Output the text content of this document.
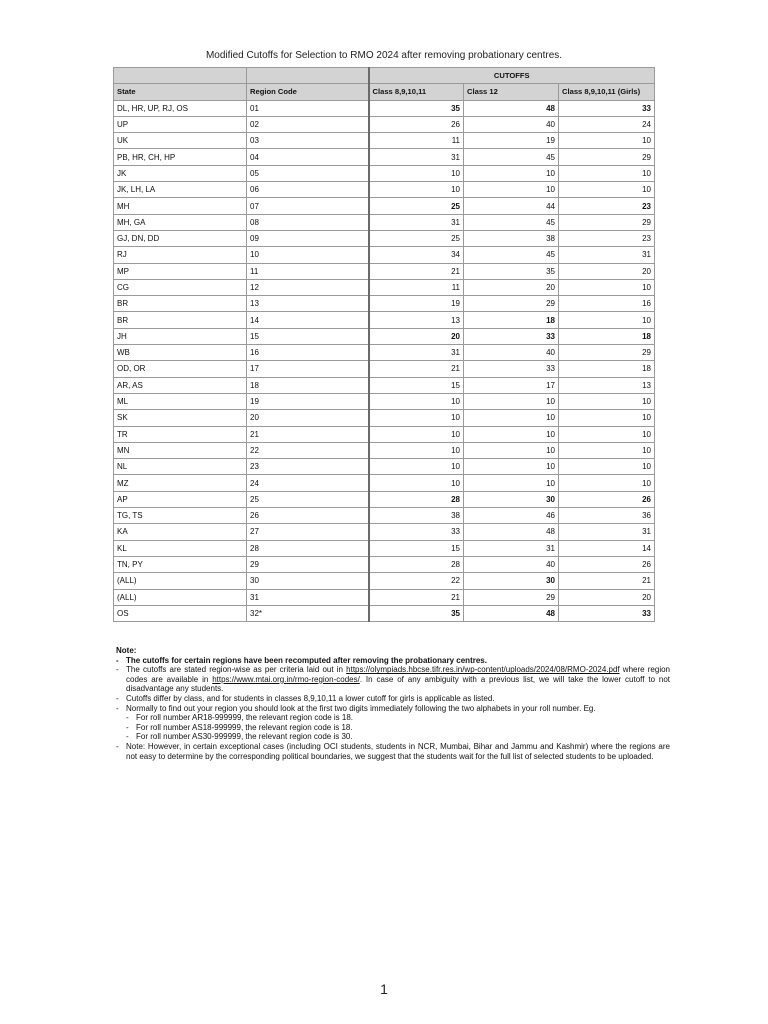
Modified Cutoffs for Selection to RMO 2024 after removing probationary centres.
		CUTOFFS		
State	Region Code	Class 8,9,10,11	Class 12	Class 8,9,10,11 (Girls)
DL, HR, UP, RJ, OS	01	35	48	33
UP	02	26	40	24
UK	03	11	19	10
PB, HR, CH, HP	04	31	45	29
JK	05	10	10	10
JK, LH, LA	06	10	10	10
MH	07	25	44	23
MH, GA	08	31	45	29
GJ, DN, DD	09	25	38	23
RJ	10	34	45	31
MP	11	21	35	20
CG	12	11	20	10
BR	13	19	29	16
BR	14	13	18	10
JH	15	20	33	18
WB	16	31	40	29
OD, OR	17	21	33	18
AR, AS	18	15	17	13
ML	19	10	10	10
SK	20	10	10	10
TR	21	10	10	10
MN	22	10	10	10
NL	23	10	10	10
MZ	24	10	10	10
AP	25	28	30	26
TG, TS	26	38	46	36
KA	27	33	48	31
KL	28	15	31	14
TN, PY	29	28	40	26
(ALL)	30	22	30	21
(ALL)	31	21	29	20
OS	32*	35	48	33
Note:
- The cutoffs for certain regions have been recomputed after removing the probationary centres.
- The cutoffs are stated region-wise as per criteria laid out in https://olympiads.hbcse.tifr.res.in/wp-content/uploads/2024/08/RMO-2024.pdf where region codes are available in https://www.mtai.org.in/rmo-region-codes/. In case of any ambiguity with a previous list, we will take the lower cutoff to not disadvantage any students.
- Cutoffs differ by class, and for students in classes 8,9,10,11 a lower cutoff for girls is applicable as listed.
- Normally to find out your region you should look at the first two digits immediately following the two alphabets in your roll number. Eg.
- For roll number AR18-999999, the relevant region code is 18.
- For roll number AS18-999999, the relevant region code is 18.
- For roll number AS30-999999, the relevant region code is 30.
- Note: However, in certain exceptional cases (including OCI students, students in NCR, Mumbai, Bihar and Jammu and Kashmir) where the regions are not easy to determine by the corresponding political boundaries, we suggest that the students wait for the full list of selected students to be uploaded.
1
